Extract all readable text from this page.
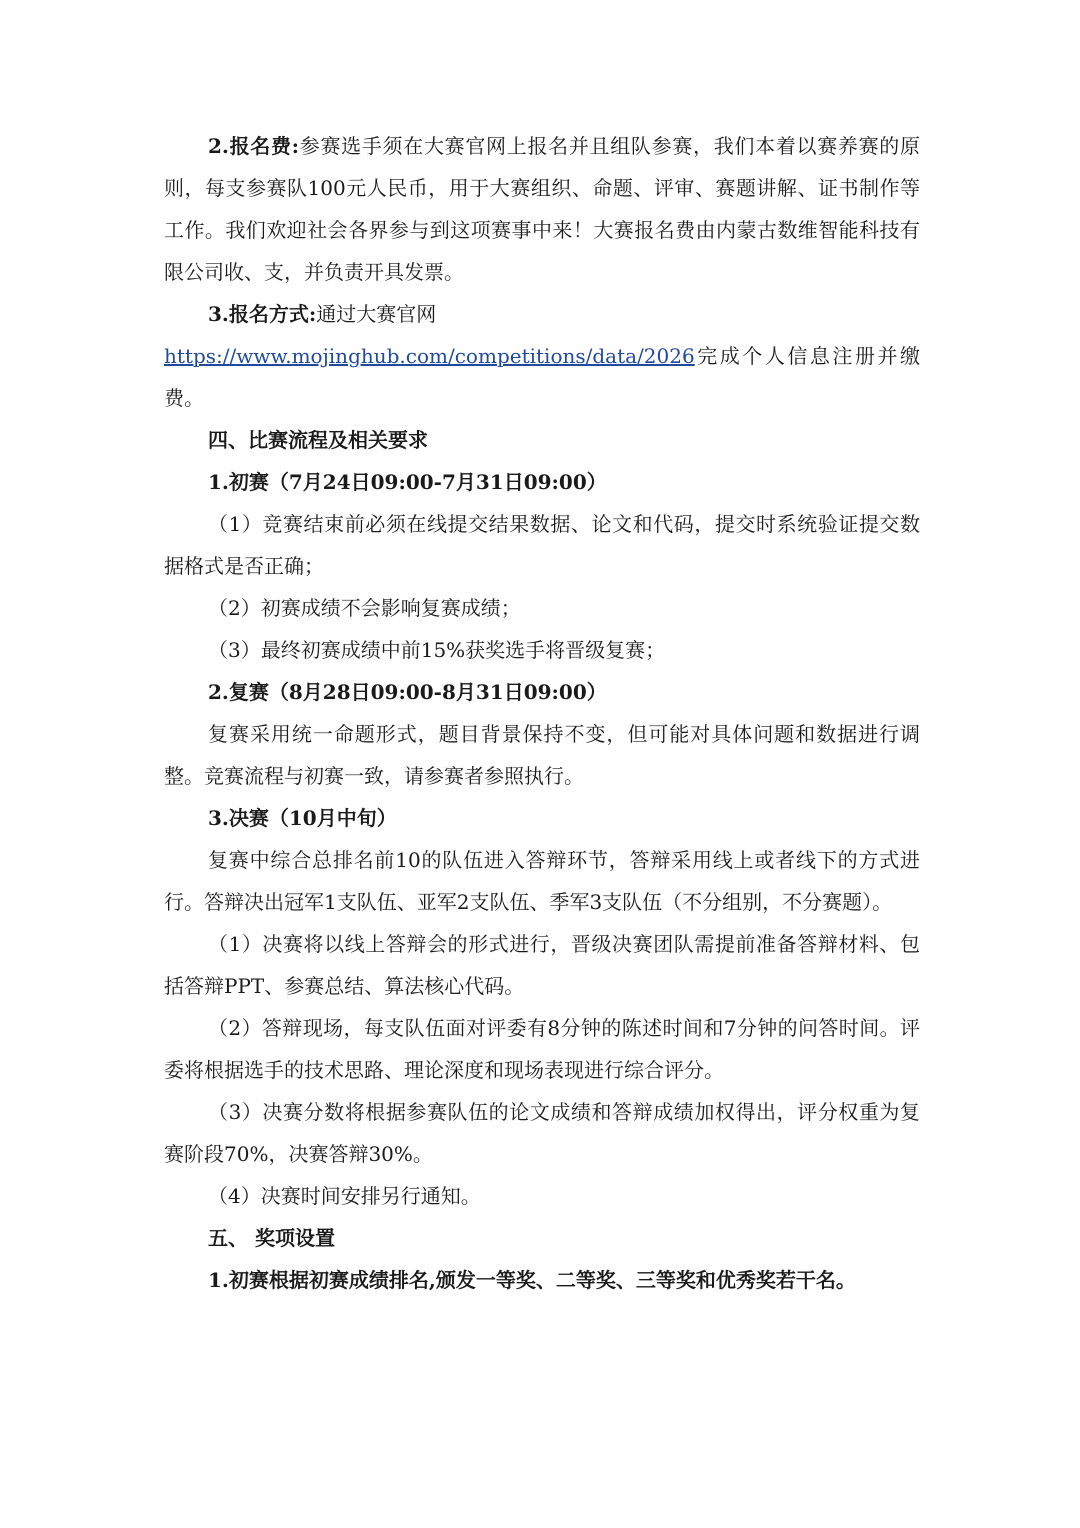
2.报名费:参赛选手须在大赛官网上报名并且组队参赛，我们本着以赛养赛的原则，每支参赛队100元人民币，用于大赛组织、命题、评审、赛题讲解、证书制作等工作。我们欢迎社会各界参与到这项赛事中来！大赛报名费由内蒙古数维智能科技有限公司收、支，并负责开具发票。

3.报名方式:通过大赛官网

https://www.mojinghub.com/competitions/data/2026完成个人信息注册并缴费。

四、比赛流程及相关要求

1.初赛（7月24日09:00-7月31日09:00）

（1）竞赛结束前必须在线提交结果数据、论文和代码，提交时系统验证提交数据格式是否正确；

（2）初赛成绩不会影响复赛成绩；

（3）最终初赛成绩中前15%获奖选手将晋级复赛；

2.复赛（8月28日09:00-8月31日09:00）

复赛采用统一命题形式，题目背景保持不变，但可能对具体问题和数据进行调整。竞赛流程与初赛一致，请参赛者参照执行。

3.决赛（10月中旬）

复赛中综合总排名前10的队伍进入答辩环节，答辩采用线上或者线下的方式进行。答辩决出冠军1支队伍、亚军2支队伍、季军3支队伍（不分组别，不分赛题）。

（1）决赛将以线上答辩会的形式进行，晋级决赛团队需提前准备答辩材料、包括答辩PPT、参赛总结、算法核心代码。

（2）答辩现场，每支队伍面对评委有8分钟的陈述时间和7分钟的问答时间。评委将根据选手的技术思路、理论深度和现场表现进行综合评分。

（3）决赛分数将根据参赛队伍的论文成绩和答辩成绩加权得出，评分权重为复赛阶段70%，决赛答辩30%。

（4）决赛时间安排另行通知。

五、 奖项设置

1.初赛根据初赛成绩排名,颁发一等奖、二等奖、三等奖和优秀奖若干名。
